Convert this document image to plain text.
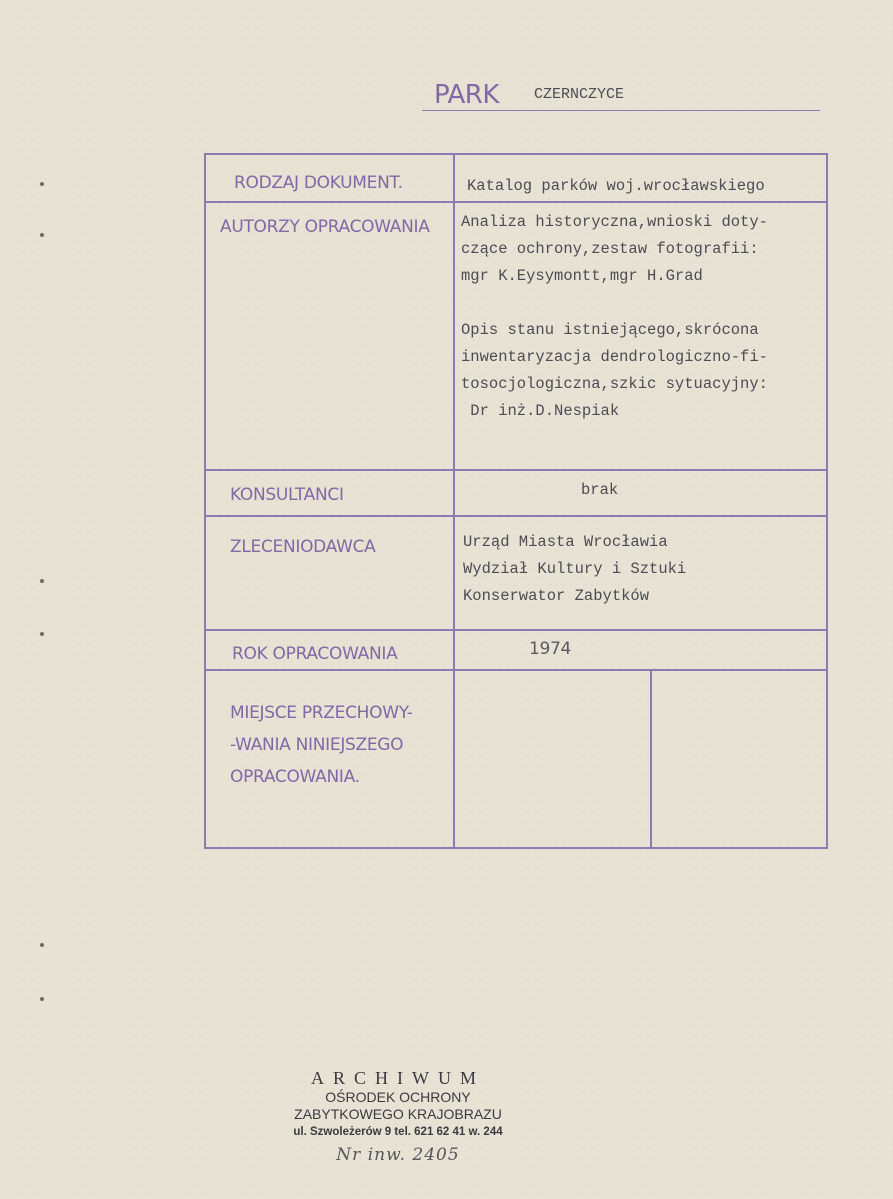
PARK CZERNCZYCE
RODZAJ DOKUMENT.	Katalog parków woj.wrocławskiego
AUTORZY OPRACOWANIA Analiza historyczna,wnioski doty-
czące ochrony,zestaw fotografii:
mgr K.Eysymontt,mgr H.Grad

Opis stanu istniejącego,skrócona
inwentaryzacja dendrologiczno-fi-
tosocjologiczna,szkic sytuacyjny:
Dr inż.D.Nespiak
KONSULTANCI	brak
ZLECENIODAWCA	Urząd Miasta Wrocławia
Wydział Kultury i Sztuki
Konserwator Zabytków
ROK OPRACOWANIA	1974
MIEJSCE PRZECHOWY-
-WANIA NINIEJSZEGO
OPRACOWANIA.
ARCHIWUM
OŚRODEK OCHRONY
ZABYTKOWEGO KRAJOBRAZU
ul. Szwoleżerów 9 tel. 621 62 41 w. 244
Nr inw. 2405
